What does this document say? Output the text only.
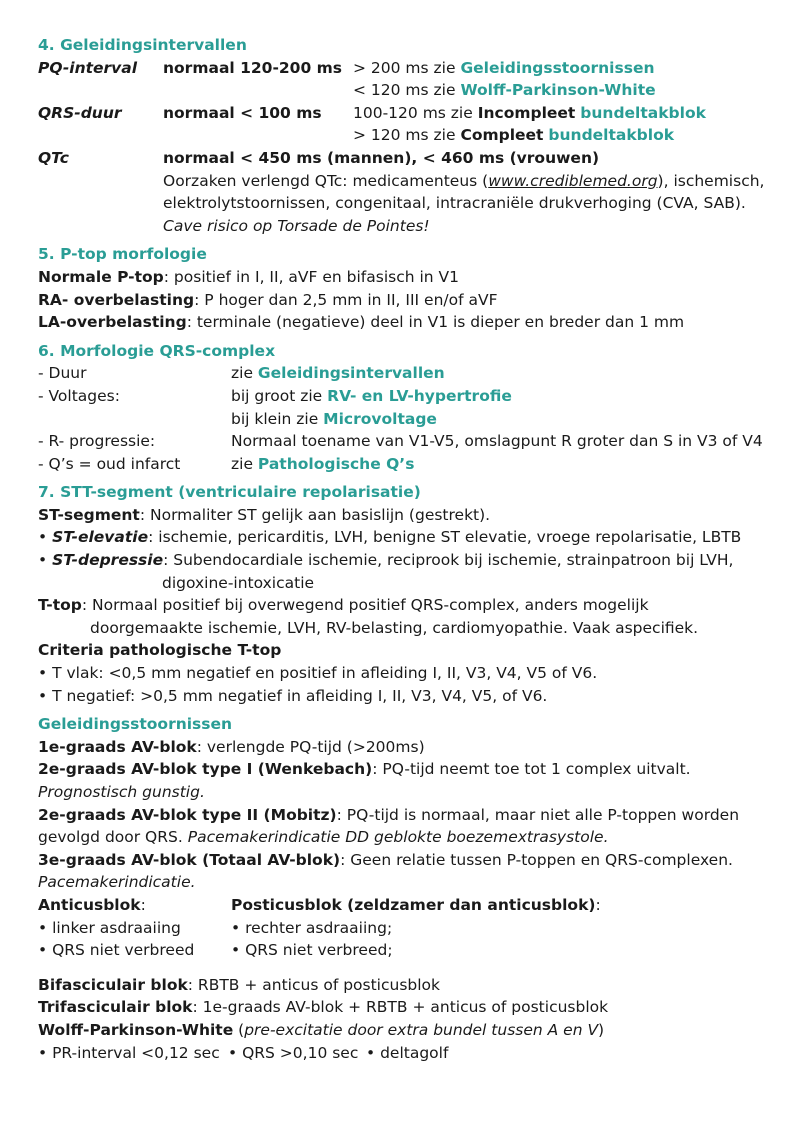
4. Geleidingsintervallen
PQ-interval	normaal 120-200 ms > 200 ms zie Geleidingsstoornissen
< 120 ms zie Wolff-Parkinson-White
QRS-duur	normaal < 100 ms	100-120 ms zie Incompleet bundeltakblok
> 120 ms zie Compleet bundeltakblok
QTc	normaal < 450 ms (mannen), < 460 ms (vrouwen)
Oorzaken verlengd QTc: medicamenteus (www.crediblemed.org), ischemisch,
elektrolytstoornissen, congenitaal, intracraniële drukverhoging (CVA, SAB).
Cave risico op Torsade de Pointes!
5. P-top morfologie
Normale P-top: positief in I, II, aVF en bifasisch in V1
RA- overbelasting: P hoger dan 2,5 mm in II, III en/of aVF
LA-overbelasting: terminale (negatieve) deel in V1 is dieper en breder dan 1 mm
6. Morfologie QRS-complex
- Duur	zie Geleidingsintervallen
- Voltages:	bij groot zie RV- en LV-hypertrofie
bij klein zie Microvoltage
- R- progressie:	Normaal toename van V1-V5, omslagpunt R groter dan S in V3 of V4
- Q’s = oud infarct	zie Pathologische Q’s
7. STT-segment (ventriculaire repolarisatie)
ST-segment: Normaliter ST gelijk aan basislijn (gestrekt).
• ST-elevatie: ischemie, pericarditis, LVH, benigne ST elevatie, vroege repolarisatie, LBTB
• ST-depressie: Subendocardiale ischemie, reciprook bij ischemie, strainpatroon bij LVH,
digoxine-intoxicatie
T-top: Normaal positief bij overwegend positief QRS-complex, anders mogelijk
doorgemaakte ischemie, LVH, RV-belasting, cardiomyopathie. Vaak aspecifiek.
Criteria pathologische T-top
• T vlak: <0,5 mm negatief en positief in afleiding I, II, V3, V4, V5 of V6.
• T negatief: >0,5 mm negatief in afleiding I, II, V3, V4, V5, of V6.
Geleidingsstoornissen
1e-graads AV-blok: verlengde PQ-tijd (>200ms)
2e-graads AV-blok type I (Wenkebach): PQ-tijd neemt toe tot 1 complex uitvalt.
Prognostisch gunstig.
2e-graads AV-blok type II (Mobitz): PQ-tijd is normaal, maar niet alle P-toppen worden
gevolgd door QRS. Pacemakerindicatie DD geblokte boezemextrasystole.
3e-graads AV-blok (Totaal AV-blok): Geen relatie tussen P-toppen en QRS-complexen.
Pacemakerindicatie.
Anticusblok:	Posticusblok (zeldzamer dan anticusblok):
• linker asdraaiing	• rechter asdraaiing;
• QRS niet verbreed	• QRS niet verbreed;
Bifasciculair blok: RBTB + anticus of posticusblok
Trifasciculair blok: 1e-graads AV-blok + RBTB + anticus of posticusblok
Wolff-Parkinson-White (pre-excitatie door extra bundel tussen A en V)
• PR-interval <0,12 sec • QRS >0,10 sec • deltagolf
